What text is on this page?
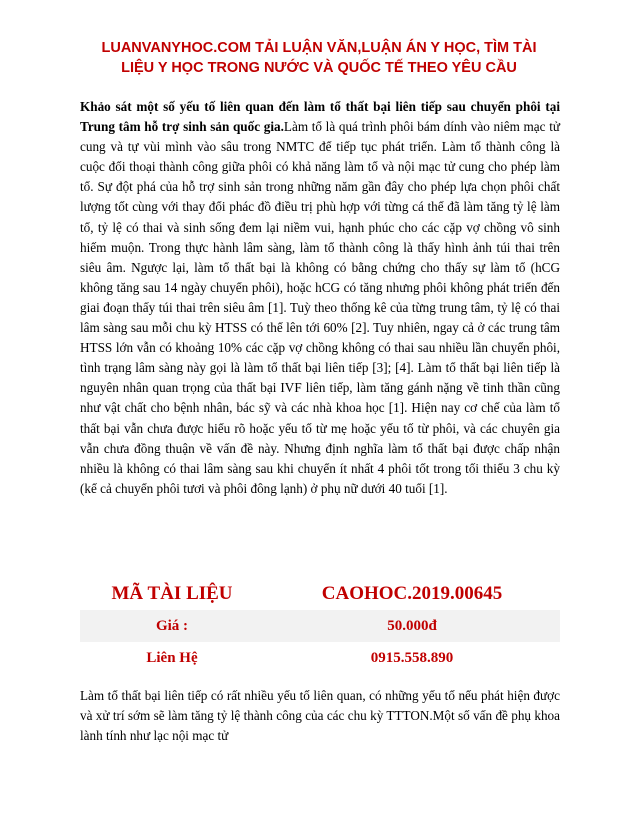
LUANVANYHOC.COM TẢI LUẬN VĂN,LUẬN ÁN Y HỌC, TÌM TÀI
LIỆU Y HỌC TRONG NƯỚC VÀ QUỐC TẾ THEO YÊU CẦU
Khảo sát một số yếu tố liên quan đến làm tổ thất bại liên tiếp sau chuyển phôi tại Trung tâm hỗ trợ sinh sản quốc gia.Làm tổ là quá trình phôi bám dính vào niêm mạc tử cung và tự vùi mình vào sâu trong NMTC để tiếp tục phát triển. Làm tổ thành công là cuộc đối thoại thành công giữa phôi có khả năng làm tổ và nội mạc tử cung cho phép làm tổ. Sự đột phá của hỗ trợ sinh sản trong những năm gần đây cho phép lựa chọn phôi chất lượng tốt cùng với thay đổi phác đồ điều trị phù hợp với từng cá thể đã làm tăng tỷ lệ làm tổ, tỷ lệ có thai và sinh sống đem lại niềm vui, hạnh phúc cho các cặp vợ chồng vô sinh hiếm muộn. Trong thực hành lâm sàng, làm tổ thành công là thấy hình ảnh túi thai trên siêu âm. Ngược lại, làm tổ thất bại là không có bằng chứng cho thấy sự làm tổ (hCG không tăng sau 14 ngày chuyển phôi), hoặc hCG có tăng nhưng phôi không phát triển đến giai đoạn thấy túi thai trên siêu âm [1]. Tuỳ theo thống kê của từng trung tâm, tỷ lệ có thai lâm sàng sau mỗi chu kỳ HTSS có thể lên tới 60% [2]. Tuy nhiên, ngay cả ở các trung tâm HTSS lớn vẫn có khoảng 10% các cặp vợ chồng không có thai sau nhiều lần chuyển phôi, tình trạng lâm sàng này gọi là làm tổ thất bại liên tiếp [3]; [4]. Làm tổ thất bại liên tiếp là nguyên nhân quan trọng của thất bại IVF liên tiếp, làm tăng gánh nặng về tinh thần cũng như vật chất cho bệnh nhân, bác sỹ và các nhà khoa học [1]. Hiện nay cơ chế của làm tổ thất bại vẫn chưa được hiểu rõ hoặc yếu tố từ mẹ hoặc yếu tố từ phôi, và các chuyên gia vẫn chưa đồng thuận về vấn đề này. Nhưng định nghĩa làm tổ thất bại được chấp nhận nhiều là không có thai lâm sàng sau khi chuyển ít nhất 4 phôi tốt trong tối thiểu 3 chu kỳ (kể cả chuyển phôi tươi và phôi đông lạnh) ở phụ nữ dưới 40 tuổi [1].
MÃ TÀI LIỆU	CAOHOC.2019.00645
Giá :	50.000đ
Liên Hệ	0915.558.890
Làm tổ thất bại liên tiếp có rất nhiều yếu tố liên quan, có những yếu tố nếu phát hiện được và xử trí sớm sẽ làm tăng tỷ lệ thành công của các chu kỳ TTTON.Một số vấn đề phụ khoa lành tính như lạc nội mạc tử
